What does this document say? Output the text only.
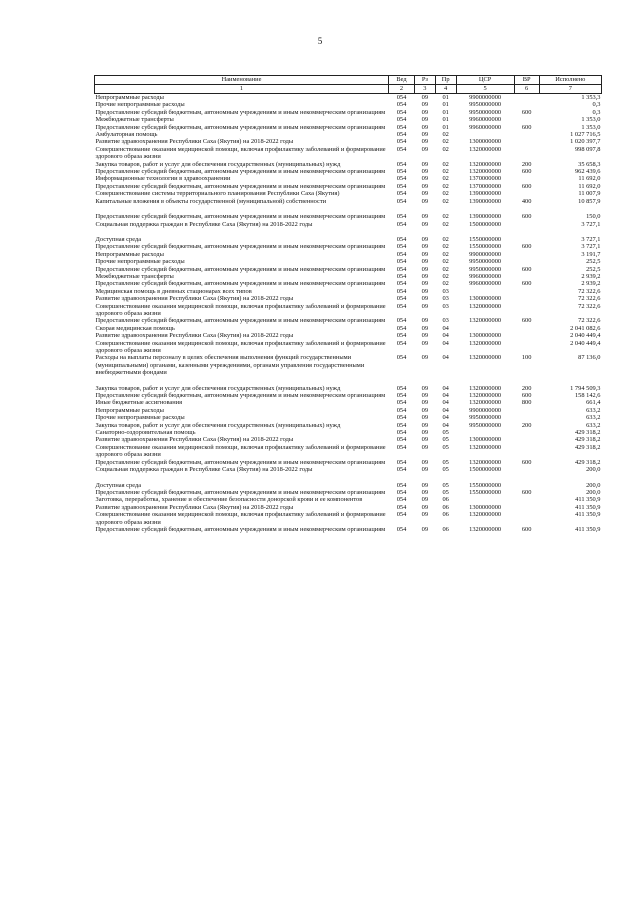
5
Наименование	Вед	Рз	Пр	ЦСР	ВР	Исполнено
1	2	3	4	5	6	7
Непрограммные расходы	054	09	01	9900000000		1 353,3
Прочие непрограммные расходы	054	09	01	9950000000		0,3
Предоставление субсидий бюджетным, автономным учреждениям и иным некоммерческим организациям	054	09	01	9950000000	600	0,3
Межбюджетные трансферты	054	09	01	9960000000		1 353,0
Предоставление субсидий бюджетным, автономным учреждениям и иным некоммерческим организациям	054	09	01	9960000000	600	1 353,0
Амбулаторная помощь	054	09	02			1 027 716,5
Развитие здравоохранения Республики Саха (Якутия) на 2018-2022 годы	054	09	02	1300000000		1 020 397,7
Совершенствование оказания медицинской помощи, включая профилактику заболеваний и формирование здорового образа жизни	054	09	02	1320000000		998 097,8
Закупка товаров, работ и услуг для обеспечения государственных (муниципальных) нужд	054	09	02	1320000000	200	35 658,3
Предоставление субсидий бюджетным, автономным учреждениям и иным некоммерческим организациям	054	09	02	1320000000	600	962 439,6
Информационные технологии в здравоохранении	054	09	02	1370000000		11 692,0
Предоставление субсидий бюджетным, автономным учреждениям и иным некоммерческим организациям	054	09	02	1370000000	600	11 692,0
Совершенствование системы территориального планирования Республики Саха (Якутия)	054	09	02	1390000000		11 007,9
Капитальные вложения в объекты государственной (муниципальной) собственности	054	09	02	1390000000	400	10 857,9
Предоставление субсидий бюджетным, автономным учреждениям и иным некоммерческим организациям	054	09	02	1390000000	600	150,0
Социальная поддержка граждан в Республике Саха (Якутия) на 2018-2022 годы	054	09	02	1500000000		3 727,1
Доступная среда	054	09	02	1550000000		3 727,1
Предоставление субсидий бюджетным, автономным учреждениям и иным некоммерческим организациям	054	09	02	1550000000	600	3 727,1
Непрограммные расходы	054	09	02	9900000000		3 191,7
Прочие непрограммные расходы	054	09	02	9950000000		252,5
Предоставление субсидий бюджетным, автономным учреждениям и иным некоммерческим организациям	054	09	02	9950000000	600	252,5
Межбюджетные трансферты	054	09	02	9960000000		2 939,2
Предоставление субсидий бюджетным, автономным учреждениям и иным некоммерческим организациям	054	09	02	9960000000	600	2 939,2
Медицинская помощь в дневных стационарах всех типов	054	09	03			72 322,6
Развитие здравоохранения Республики Саха (Якутия) на 2018-2022 годы	054	09	03	1300000000		72 322,6
Совершенствование оказания медицинской помощи, включая профилактику заболеваний и формирование здорового образа жизни	054	09	03	1320000000		72 322,6
Предоставление субсидий бюджетным, автономным учреждениям и иным некоммерческим организациям	054	09	03	1320000000	600	72 322,6
Скорая медицинская помощь	054	09	04			2 041 082,6
Развитие здравоохранения Республики Саха (Якутия) на 2018-2022 годы	054	09	04	1300000000		2 040 449,4
Совершенствование оказания медицинской помощи, включая профилактику заболеваний и формирование здорового образа жизни	054	09	04	1320000000		2 040 449,4
Расходы на выплаты персоналу в целях обеспечения выполнения функций государственными (муниципальными) органами, казенными учреждениями, органами управления государственными внебюджетными фондами	054	09	04	1320000000	100	87 136,0
Закупка товаров, работ и услуг для обеспечения государственных (муниципальных) нужд	054	09	04	1320000000	200	1 794 509,3
Предоставление субсидий бюджетным, автономным учреждениям и иным некоммерческим организациям	054	09	04	1320000000	600	158 142,6
Иные бюджетные ассигнования	054	09	04	1320000000	800	661,4
Непрограммные расходы	054	09	04	9900000000		633,2
Прочие непрограммные расходы	054	09	04	9950000000		633,2
Закупка товаров, работ и услуг для обеспечения государственных (муниципальных) нужд	054	09	04	9950000000	200	633,2
Санаторно-оздоровительная помощь	054	09	05			429 318,2
Развитие здравоохранения Республики Саха (Якутия) на 2018-2022 годы	054	09	05	1300000000		429 318,2
Совершенствование оказания медицинской помощи, включая профилактику заболеваний и формирование здорового образа жизни	054	09	05	1320000000		429 318,2
Предоставление субсидий бюджетным, автономным учреждениям и иным некоммерческим организациям	054	09	05	1320000000	600	429 318,2
Социальная поддержка граждан в Республике Саха (Якутия) на 2018-2022 годы	054	09	05	1500000000		200,0
Доступная среда	054	09	05	1550000000		200,0
Предоставление субсидий бюджетным, автономным учреждениям и иным некоммерческим организациям	054	09	05	1550000000	600	200,0
Заготовка, переработка, хранение и обеспечение безопасности донорской крови и ее компонентов	054	09	06			411 350,9
Развитие здравоохранения Республики Саха (Якутия) на 2018-2022 годы	054	09	06	1300000000		411 350,9
Совершенствование оказания медицинской помощи, включая профилактику заболеваний и формирование здорового образа жизни	054	09	06	1320000000		411 350,9
Предоставление субсидий бюджетным, автономным учреждениям и иным некоммерческим организациям	054	09	06	1320000000	600	411 350,9
